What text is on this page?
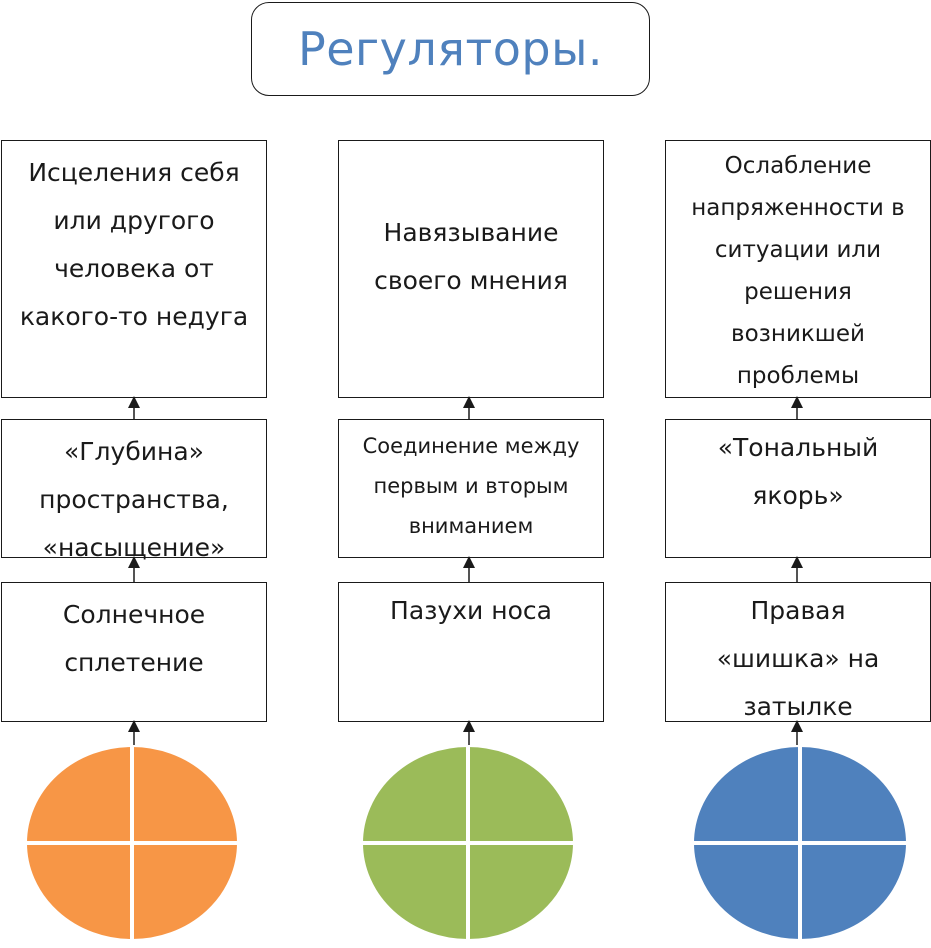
Регуляторы.
Исцеления себя
или другого
человека от
какого-то недуга
«Глубина»
пространства,
«насыщение»
Солнечное
сплетение
Навязывание
своего мнения
Соединение между
первым и вторым
вниманием
Пазухи носа
Ослабление
напряженности в
ситуации или
решения
возникшей
проблемы
«Тональный
якорь»
Правая
«шишка» на
затылке
